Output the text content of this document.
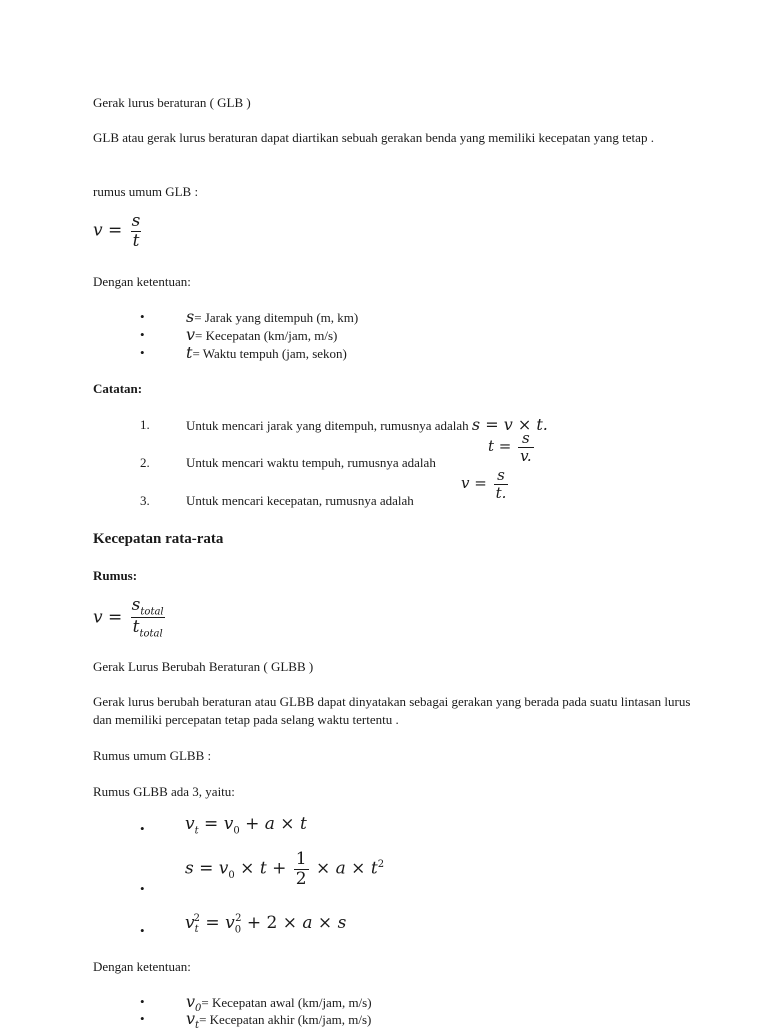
Gerak lurus beraturan ( GLB )
GLB atau gerak lurus beraturan dapat diartikan sebuah gerakan benda yang memiliki kecepatan yang tetap .
rumus umum GLB :
$v = \frac{s}{t}$
Dengan ketentuan:
•	s= Jarak yang ditempuh (m, km)
•	v= Kecepatan (km/jam, m/s)
•	t= Waktu tempuh (jam, sekon)
Catatan:
1.	Untuk mencari jarak yang ditempuh, rumusnya adalah s = v × t.
2.	Untuk mencari waktu tempuh, rumusnya adalah
$t = \frac{s}{v.}$
3.	Untuk mencari kecepatan, rumusnya adalah
$v = \frac{s}{t.}$
Kecepatan rata-rata
Rumus:
$v = \frac{s_{total}}{t_{total}}$
Gerak Lurus Berubah Beraturan ( GLBB )
Gerak lurus berubah beraturan atau GLBB dapat dinyatakan sebagai gerakan yang berada pada suatu lintasan lurus dan memiliki percepatan tetap pada selang waktu tertentu .
Rumus umum GLBB :
Rumus GLBB ada 3, yaitu:
• $v_t = v_0 + a \times t$
•
$s = v_0 \times t + \frac{1}{2} \times a \times t^2$
• $v_t^2 = v_0^2 + 2 \times a \times s$
Dengan ketentuan:
•	$v_0=$ Kecepatan awal (km/jam, m/s)
•	$v_t=$ Kecepatan akhir (km/jam, m/s)
